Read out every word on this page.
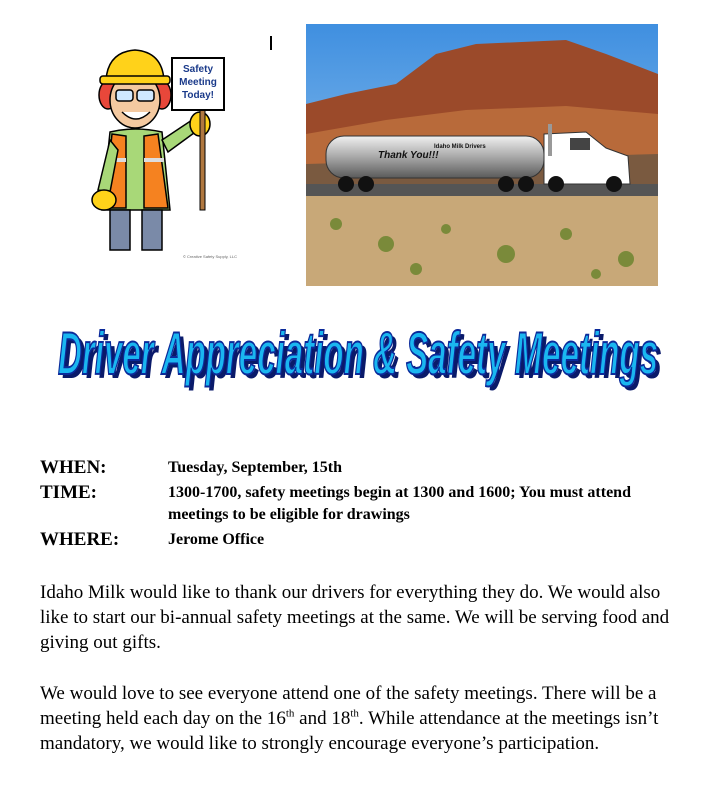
Safety
Meeting
Today!
© Creative Safety Supply, LLC
Thank You!!!
Idaho Milk Drivers
Driver Appreciation & Safety Meetings
Driver Appreciation & Safety Meetings
WHEN:	Tuesday, September, 15th
TIME:	1300-1700, safety meetings begin at 1300 and 1600; You must attend meetings to be eligible for drawings
WHERE:	Jerome Office

Idaho Milk would like to thank our drivers for everything they do. We would also like to start our bi-annual safety meetings at the same. We will be serving food and giving out gifts.

We would love to see everyone attend one of the safety meetings. There will be a meeting held each day on the 16th and 18th. While attendance at the meetings isn’t mandatory, we would like to strongly encourage everyone’s participation.
